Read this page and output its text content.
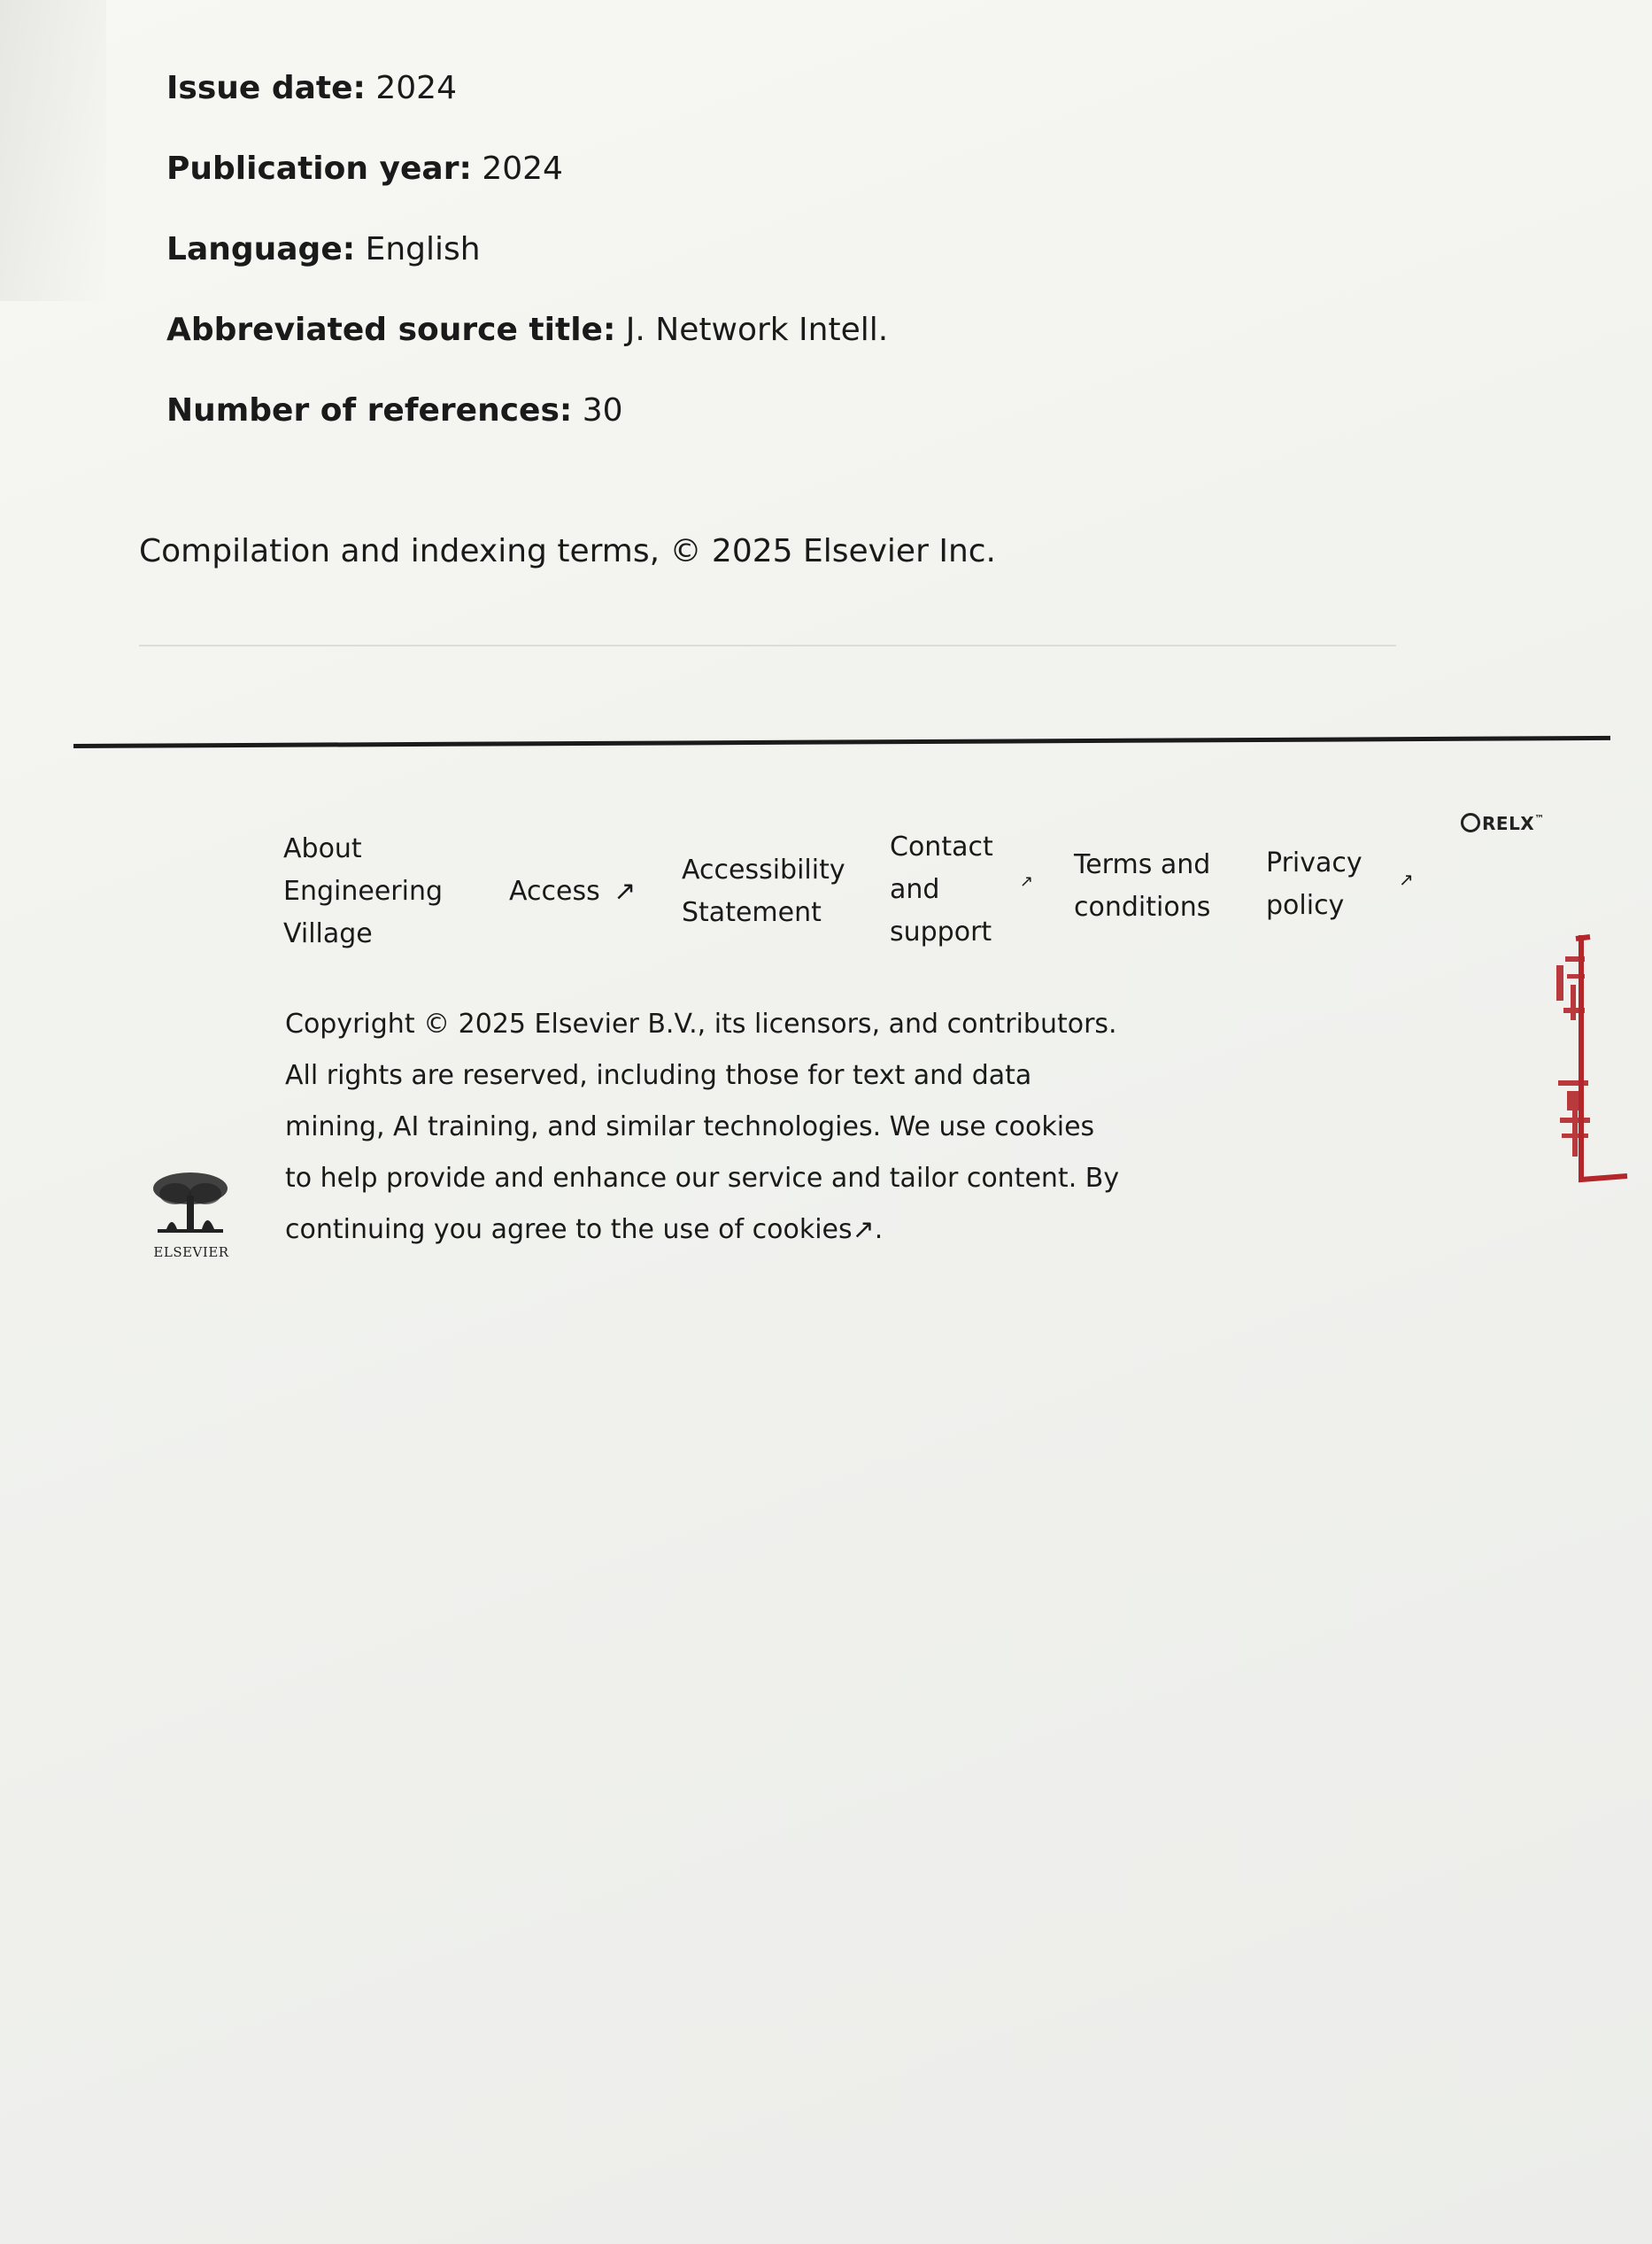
Issue date: 2024
Publication year: 2024
Language: English
Abbreviated source title: J. Network Intell.
Number of references: 30
Compilation and indexing terms, © 2025 Elsevier Inc.
About
Engineering
Village
Access ↗
Accessibility
Statement
Contact
and
support
↗
Terms and
conditions
Privacy
policy
↗
RELX™
Copyright © 2025 Elsevier B.V., its licensors, and contributors. All rights are reserved, including those for text and data mining, AI training, and similar technologies. We use cookies to help provide and enhance our service and tailor content. By continuing you agree to the use of cookies↗.
ELSEVIER
